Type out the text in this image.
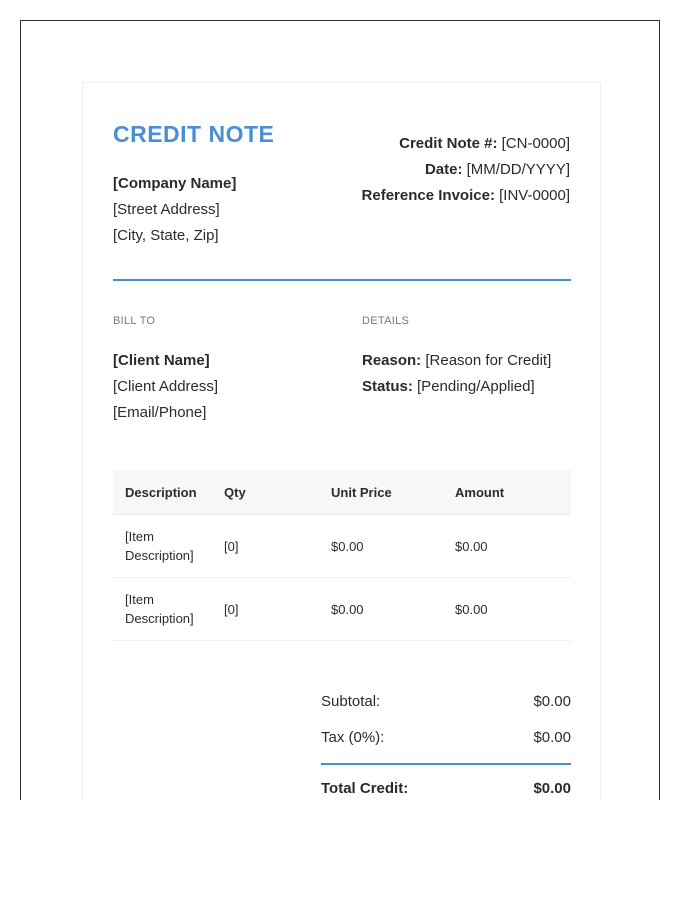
CREDIT NOTE
[Company Name]
[Street Address]
[City, State, Zip]
Credit Note #: [CN-0000]
Date: [MM/DD/YYYY]
Reference Invoice: [INV-0000]
BILL TO	DETAILS
[Client Name]
[Client Address]
[Email/Phone]
Reason: [Reason for Credit]
Status: [Pending/Applied]
Description	Qty	Unit Price	Amount
[Item Description]	[0]	$0.00	$0.00
[Item Description]	[0]	$0.00	$0.00
Subtotal:	$0.00
Tax (0%):	$0.00
Total Credit:	$0.00
